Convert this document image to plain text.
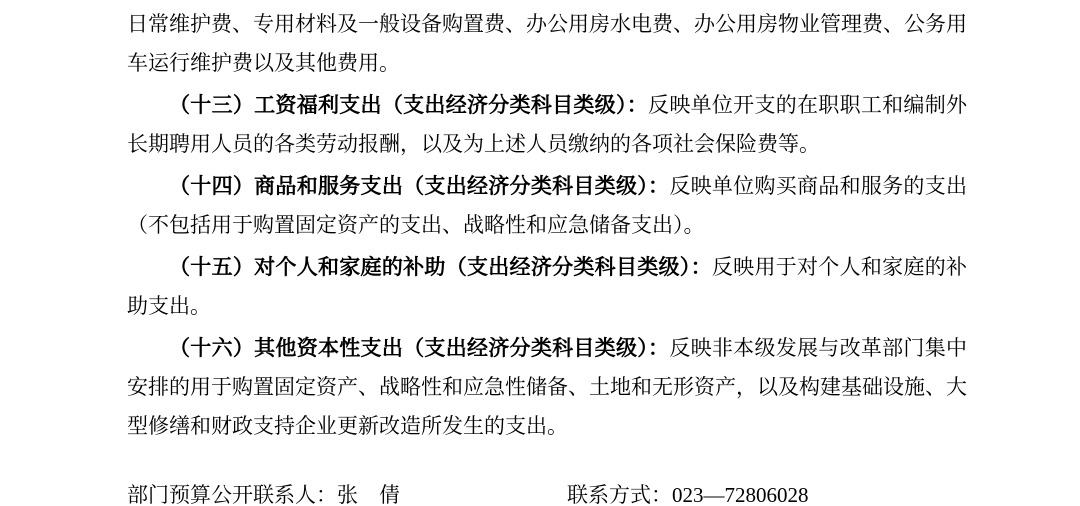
日常维护费、专用材料及一般设备购置费、办公用房水电费、办公用房物业管理费、公务用车运行维护费以及其他费用。

（十三）工资福利支出（支出经济分类科目类级）：反映单位开支的在职职工和编制外长期聘用人员的各类劳动报酬，以及为上述人员缴纳的各项社会保险费等。

（十四）商品和服务支出（支出经济分类科目类级）：反映单位购买商品和服务的支出（不包括用于购置固定资产的支出、战略性和应急储备支出）。

（十五）对个人和家庭的补助（支出经济分类科目类级）：反映用于对个人和家庭的补助支出。

（十六）其他资本性支出（支出经济分类科目类级）：反映非本级发展与改革部门集中安排的用于购置固定资产、战略性和应急性储备、土地和无形资产，以及构建基础设施、大型修缮和财政支持企业更新改造所发生的支出。

部门预算公开联系人：张　倩	联系方式：023—72806028
